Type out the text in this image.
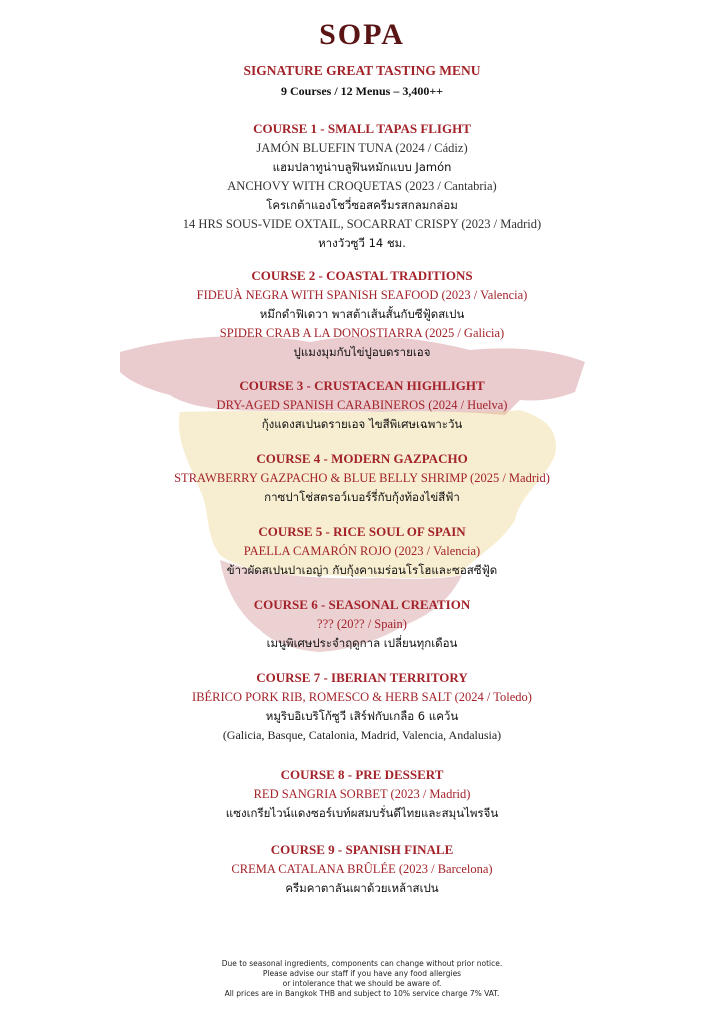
SOPA
SIGNATURE GREAT TASTING MENU
9 Courses / 12 Menus – 3,400++
COURSE 1 - SMALL TAPAS FLIGHT
JAMÓN BLUEFIN TUNA (2024 / Cádiz)
แฮมปลาทูน่าบลูฟินหมักแบบ Jamón
ANCHOVY WITH CROQUETAS (2023 / Cantabria)
โครเกต้าแองโชวี่ซอสครีมรสกลมกล่อม
14 HRS SOUS-VIDE OXTAIL, SOCARRAT CRISPY (2023 / Madrid)
หางวัวซูวี 14 ชม.
COURSE 2 - COASTAL TRADITIONS
FIDEUÀ NEGRA WITH SPANISH SEAFOOD (2023 / Valencia)
หมึกดำฟิเดวา พาสต้าเส้นสั้นกับซีฟู้ดสเปน
SPIDER CRAB A LA DONOSTIARRA (2025 / Galicia)
ปูแมงมุมกับไข่ปูอบดรายเอจ
COURSE 3 - CRUSTACEAN HIGHLIGHT
DRY-AGED SPANISH CARABINEROS (2024 / Huelva)
กุ้งแดงสเปนดรายเอจ ไขสีพิเศษเฉพาะวัน
COURSE 4 - MODERN GAZPACHO
STRAWBERRY GAZPACHO & BLUE BELLY SHRIMP (2025 / Madrid)
กาซปาโช่สตรอว์เบอร์รี่กับกุ้งท้องไข่สีฟ้า
COURSE 5 - RICE SOUL OF SPAIN
PAELLA CAMARÓN ROJO (2023 / Valencia)
ข้าวผัดสเปนปาเอญ่า กับกุ้งคาเมร่อนโรโฮและซอสซีฟู้ด
COURSE 6 - SEASONAL CREATION
??? (20?? / Spain)
เมนูพิเศษประจำฤดูกาล เปลี่ยนทุกเดือน
COURSE 7 - IBERIAN TERRITORY
IBÉRICO PORK RIB, ROMESCO & HERB SALT (2024 / Toledo)
หมูริบอิเบริโก้ซูวี เสิร์ฟกับเกลือ 6 แคว้น
(Galicia, Basque, Catalonia, Madrid, Valencia, Andalusia)
COURSE 8 - PRE DESSERT
RED SANGRIA SORBET (2023 / Madrid)
แซงเกรียไวน์แดงซอร์เบท์ผสมบรั่นดีไทยและสมุนไพรจีน
COURSE 9 - SPANISH FINALE
CREMA CATALANA BRÛLÉE (2023 / Barcelona)
ครีมคาตาลันเผาด้วยเหล้าสเปน
Due to seasonal ingredients, components can change without prior notice.
Please advise our staff if you have any food allergies
or intolerance that we should be aware of.
All prices are in Bangkok THB and subject to 10% service charge 7% VAT.
